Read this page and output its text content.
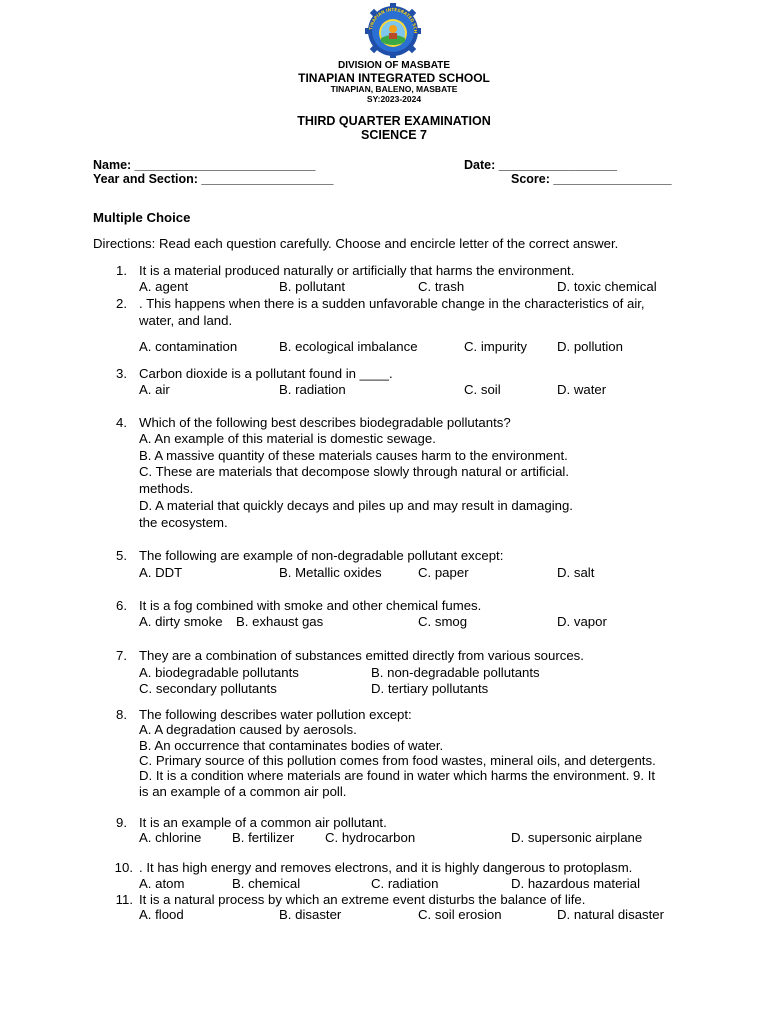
TINAPIAN INTEGRATED SCH
DIVISION OF MASBATE
TINAPIAN INTEGRATED SCHOOL
TINAPIAN, BALENO, MASBATE
SY:2023-2024
THIRD QUARTER EXAMINATION
SCIENCE 7
Name: __________________________	Date: _________________
Year and Section: ___________________	Score: _________________
Multiple Choice
Directions: Read each question carefully. Choose and encircle letter of the correct answer.
1. It is a material produced naturally or artificially that harms the environment.
A. agent	B. pollutant	C. trash	D. toxic chemical
2. . This happens when there is a sudden unfavorable change in the characteristics of air,
water, and land.
A. contamination	B. ecological imbalance	C. impurity D. pollution
3. Carbon dioxide is a pollutant found in ____.
A. air	B. radiation	C. soil	D. water
4. Which of the following best describes biodegradable pollutants?
A. An example of this material is domestic sewage.
B. A massive quantity of these materials causes harm to the environment.
C. These are materials that decompose slowly through natural or artificial.
methods.
D. A material that quickly decays and piles up and may result in damaging.
the ecosystem.
5. The following are example of non-degradable pollutant except:
A. DDT	B. Metallic oxides	C. paper	D. salt
6. It is a fog combined with smoke and other chemical fumes.
A. dirty smoke B. exhaust gas	C. smog	D. vapor
7. They are a combination of substances emitted directly from various sources.
A. biodegradable pollutants	B. non-degradable pollutants
C. secondary pollutants	D. tertiary pollutants
8. The following describes water pollution except:
A. A degradation caused by aerosols.
B. An occurrence that contaminates bodies of water.
C. Primary source of this pollution comes from food wastes, mineral oils, and detergents.
D. It is a condition where materials are found in water which harms the environment. 9. It
is an example of a common air poll.
9. It is an example of a common air pollutant.
A. chlorine B. fertilizer C. hydrocarbon	D. supersonic airplane
10. . It has high energy and removes electrons, and it is highly dangerous to protoplasm.
A. atom	B. chemical	C. radiation	D. hazardous material
11. It is a natural process by which an extreme event disturbs the balance of life.
A. flood	B. disaster	C. soil erosion	D. natural disaster
